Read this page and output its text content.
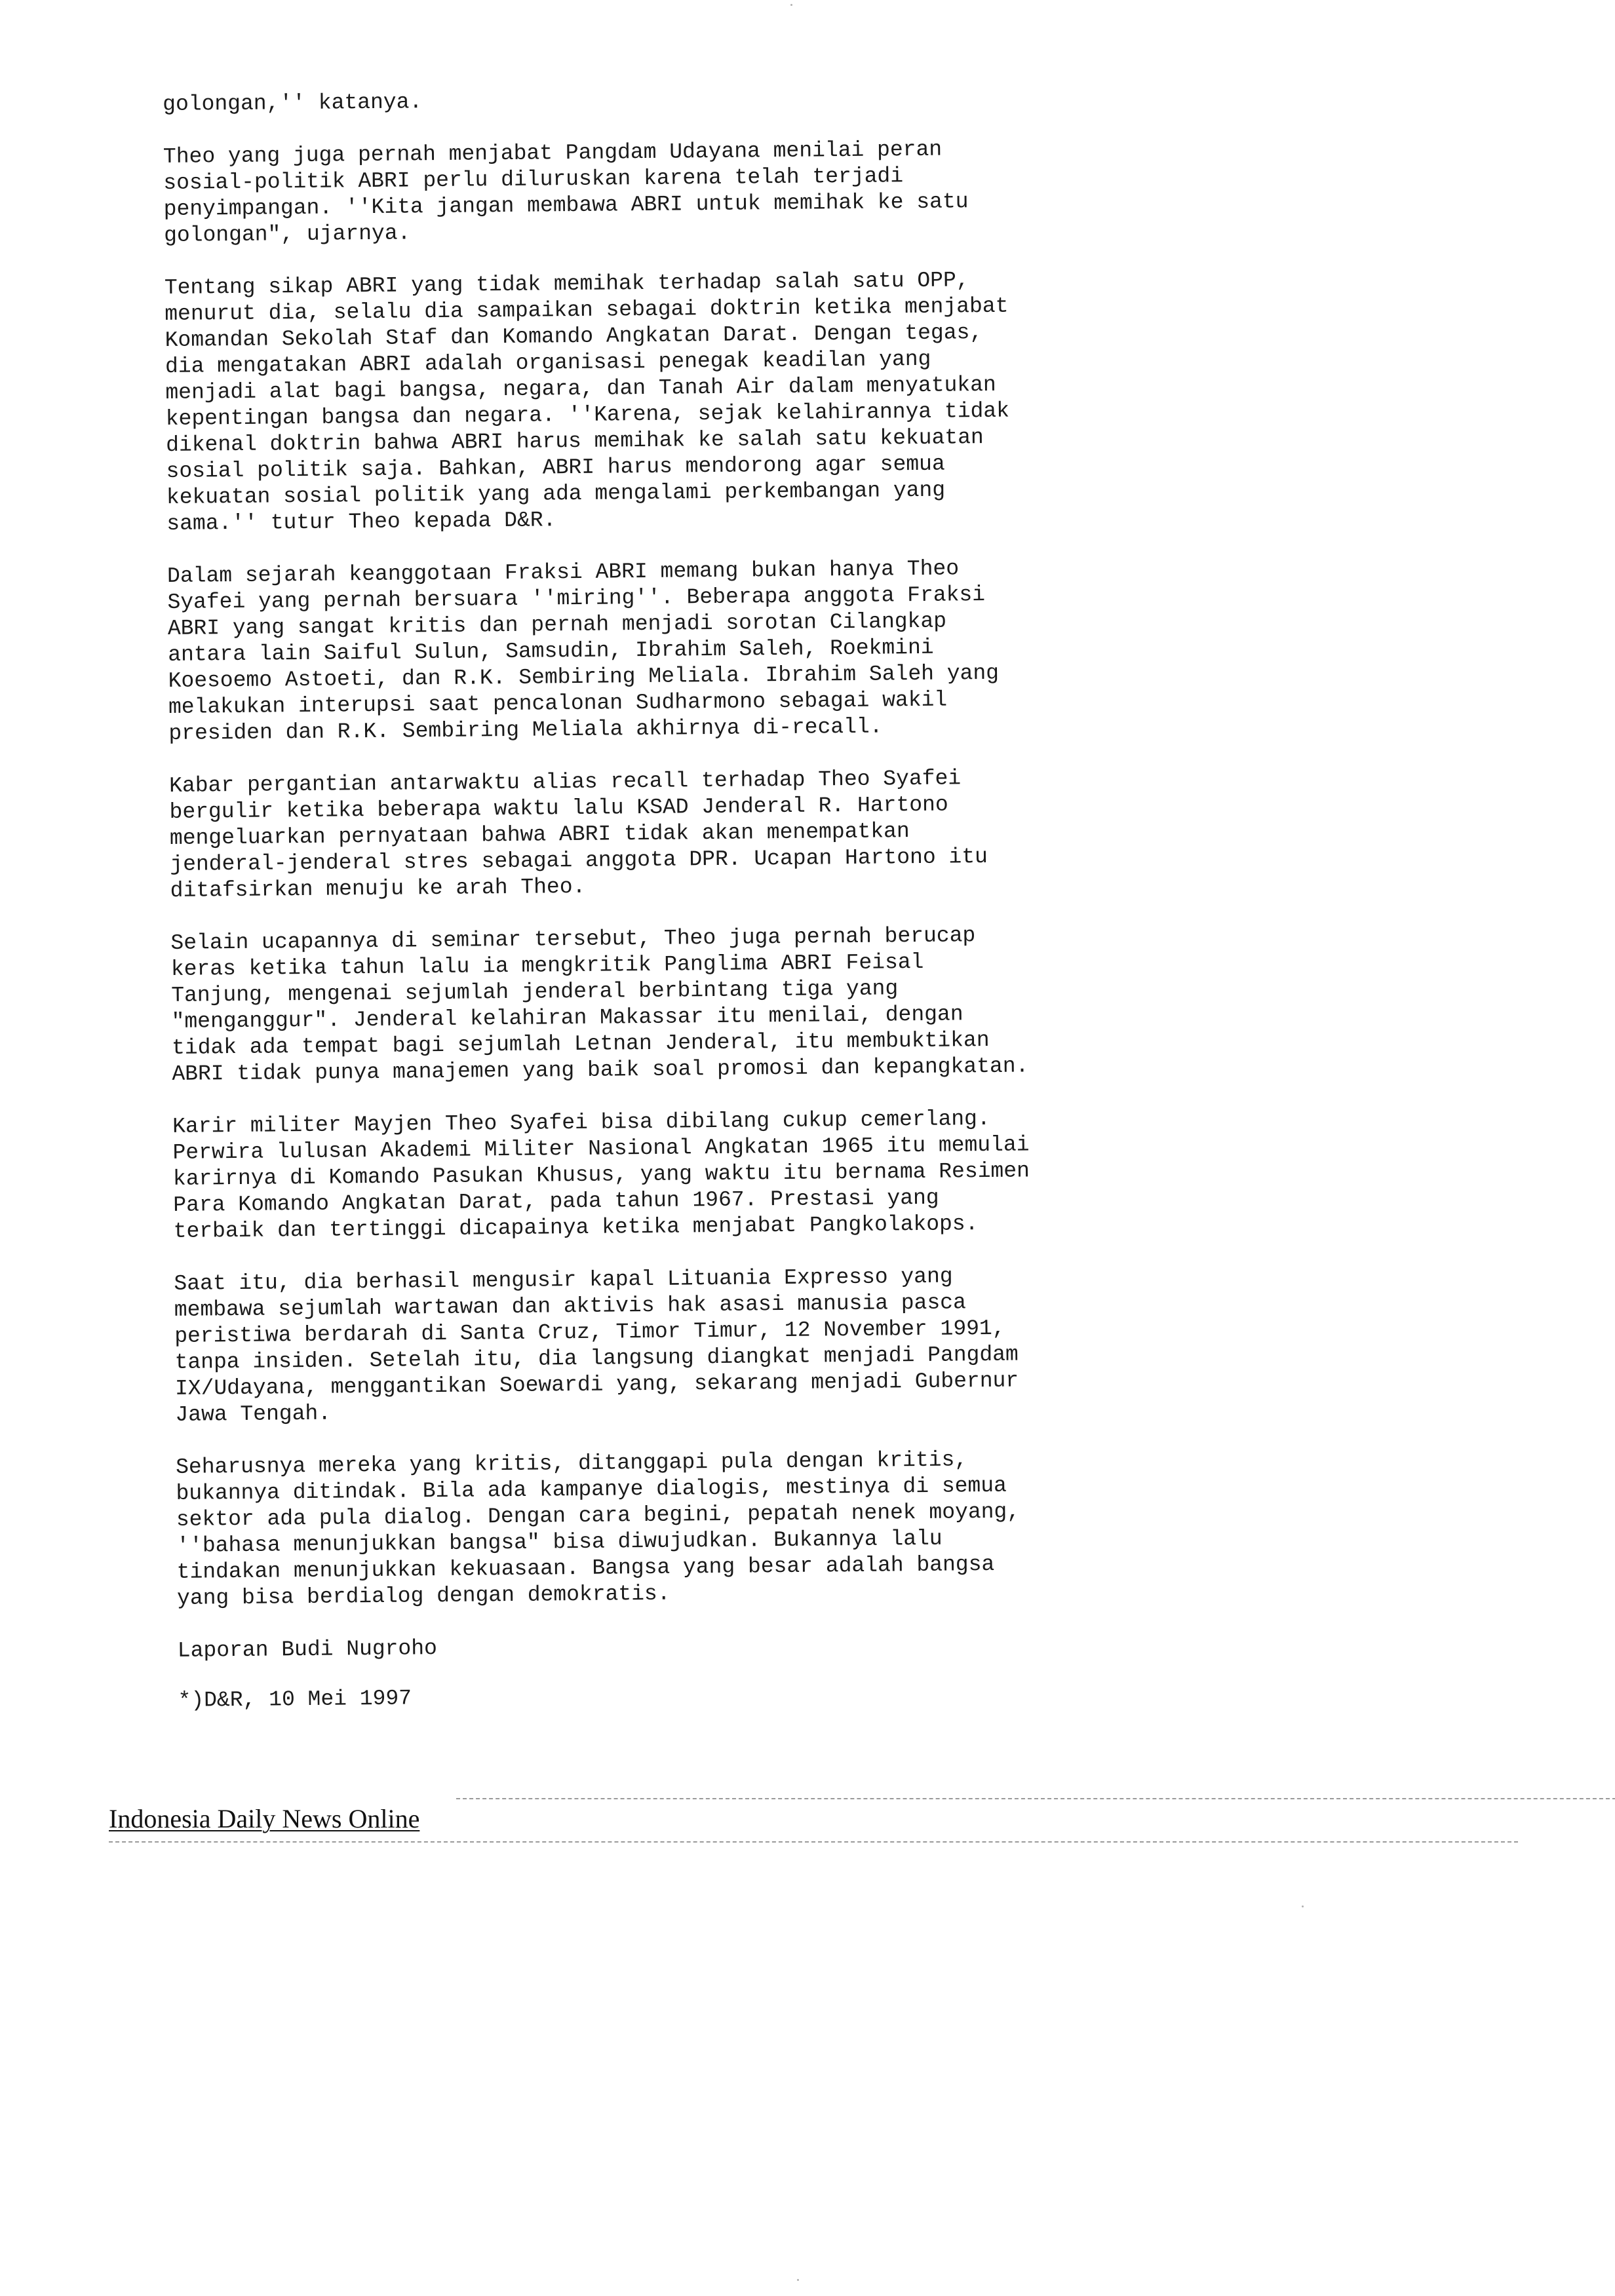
golongan,'' katanya.

Theo yang juga pernah menjabat Pangdam Udayana menilai peran
sosial-politik ABRI perlu diluruskan karena telah terjadi
penyimpangan. ''Kita jangan membawa ABRI untuk memihak ke satu
golongan", ujarnya.

Tentang sikap ABRI yang tidak memihak terhadap salah satu OPP,
menurut dia, selalu dia sampaikan sebagai doktrin ketika menjabat
Komandan Sekolah Staf dan Komando Angkatan Darat. Dengan tegas,
dia mengatakan ABRI adalah organisasi penegak keadilan yang
menjadi alat bagi bangsa, negara, dan Tanah Air dalam menyatukan
kepentingan bangsa dan negara. ''Karena, sejak kelahirannya tidak
dikenal doktrin bahwa ABRI harus memihak ke salah satu kekuatan
sosial politik saja. Bahkan, ABRI harus mendorong agar semua
kekuatan sosial politik yang ada mengalami perkembangan yang
sama.'' tutur Theo kepada D&R.

Dalam sejarah keanggotaan Fraksi ABRI memang bukan hanya Theo
Syafei yang pernah bersuara ''miring''. Beberapa anggota Fraksi
ABRI yang sangat kritis dan pernah menjadi sorotan Cilangkap
antara lain Saiful Sulun, Samsudin, Ibrahim Saleh, Roekmini
Koesoemo Astoeti, dan R.K. Sembiring Meliala. Ibrahim Saleh yang
melakukan interupsi saat pencalonan Sudharmono sebagai wakil
presiden dan R.K. Sembiring Meliala akhirnya di-recall.

Kabar pergantian antarwaktu alias recall terhadap Theo Syafei
bergulir ketika beberapa waktu lalu KSAD Jenderal R. Hartono
mengeluarkan pernyataan bahwa ABRI tidak akan menempatkan
jenderal-jenderal stres sebagai anggota DPR. Ucapan Hartono itu
ditafsirkan menuju ke arah Theo.

Selain ucapannya di seminar tersebut, Theo juga pernah berucap
keras ketika tahun lalu ia mengkritik Panglima ABRI Feisal
Tanjung, mengenai sejumlah jenderal berbintang tiga yang
"menganggur". Jenderal kelahiran Makassar itu menilai, dengan
tidak ada tempat bagi sejumlah Letnan Jenderal, itu membuktikan
ABRI tidak punya manajemen yang baik soal promosi dan kepangkatan.

Karir militer Mayjen Theo Syafei bisa dibilang cukup cemerlang.
Perwira lulusan Akademi Militer Nasional Angkatan 1965 itu memulai
karirnya di Komando Pasukan Khusus, yang waktu itu bernama Resimen
Para Komando Angkatan Darat, pada tahun 1967. Prestasi yang
terbaik dan tertinggi dicapainya ketika menjabat Pangkolakops.

Saat itu, dia berhasil mengusir kapal Lituania Expresso yang
membawa sejumlah wartawan dan aktivis hak asasi manusia pasca
peristiwa berdarah di Santa Cruz, Timor Timur, 12 November 1991,
tanpa insiden. Setelah itu, dia langsung diangkat menjadi Pangdam
IX/Udayana, menggantikan Soewardi yang, sekarang menjadi Gubernur
Jawa Tengah.

Seharusnya mereka yang kritis, ditanggapi pula dengan kritis,
bukannya ditindak. Bila ada kampanye dialogis, mestinya di semua
sektor ada pula dialog. Dengan cara begini, pepatah nenek moyang,
''bahasa menunjukkan bangsa" bisa diwujudkan. Bukannya lalu
tindakan menunjukkan kekuasaan. Bangsa yang besar adalah bangsa
yang bisa berdialog dengan demokratis.

Laporan Budi Nugroho

*)D&R, 10 Mei 1997

Indonesia Daily News Online
